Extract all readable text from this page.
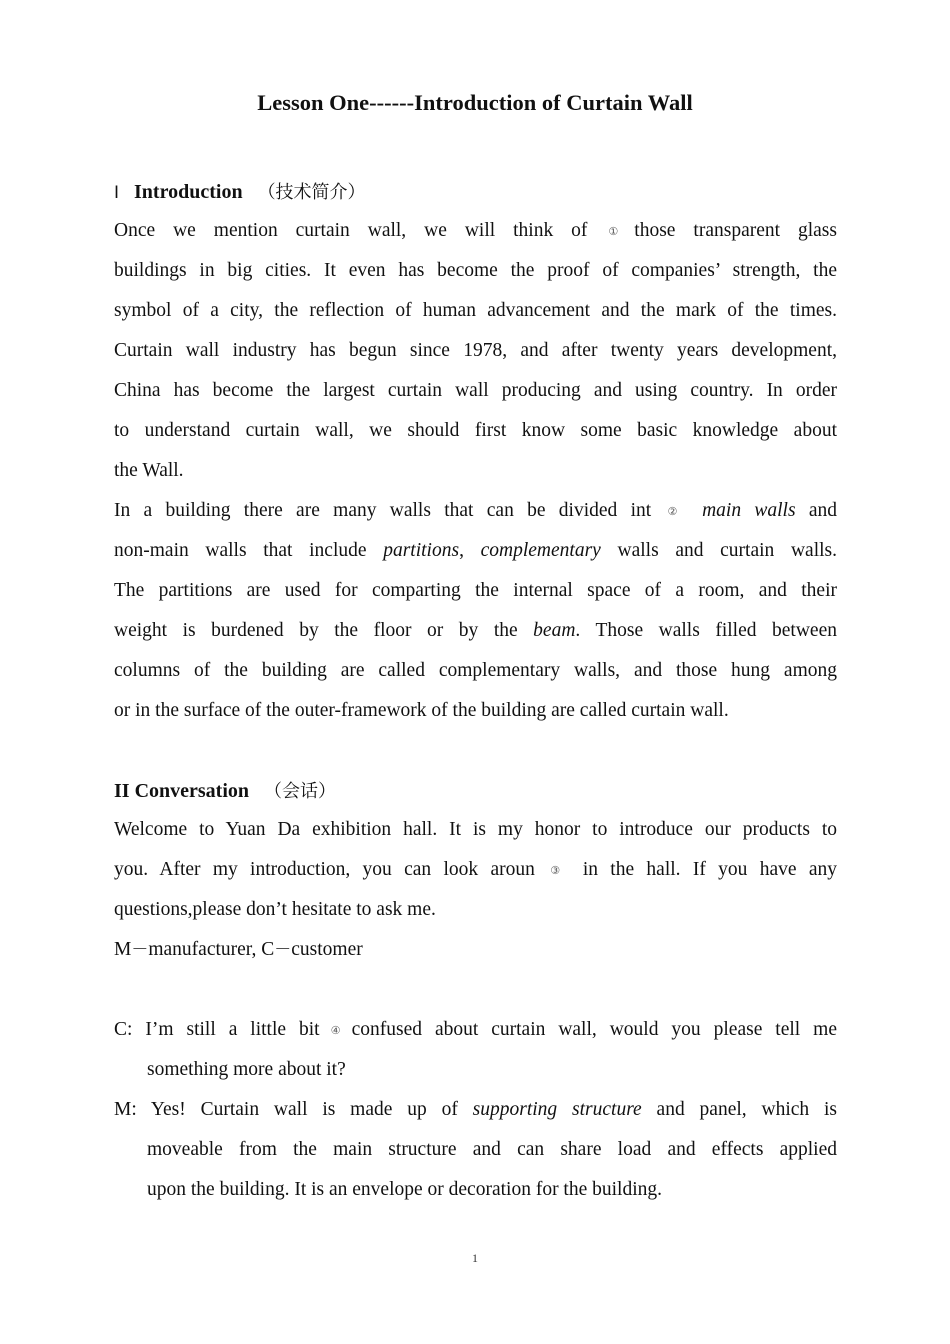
Lesson One------Introduction of Curtain Wall
Ⅰ Introduction （技术简介）
Once we mention curtain wall, we will think of ① those transparent glass
buildings in big cities. It even has become the proof of companies’ strength, the
symbol of a city, the reflection of human advancement and the mark of the times.
Curtain wall industry has begun since 1978, and after twenty years development,
China has become the largest curtain wall producing and using country. In order
to understand curtain wall, we should first know some basic knowledge about
the Wall.
In a building there are many walls that can be divided int ② main walls and
non-main walls that include partitions, complementary walls and curtain walls.
The partitions are used for comparting the internal space of a room, and their
weight is burdened by the floor or by the beam. Those walls filled between
columns of the building are called complementary walls, and those hung among
or in the surface of the outer-framework of the building are called curtain wall.
II Conversation （会话）
Welcome to Yuan Da exhibition hall. It is my honor to introduce our products to
you. After my introduction, you can look aroun ③ in the hall. If you have any
questions,please don’t hesitate to ask me.
M－manufacturer, C－customer
C: I’m still a little bit ④ confused about curtain wall, would you please tell me
something more about it?
M: Yes! Curtain wall is made up of supporting structure and panel, which is
moveable from the main structure and can share load and effects applied
upon the building. It is an envelope or decoration for the building.
1
